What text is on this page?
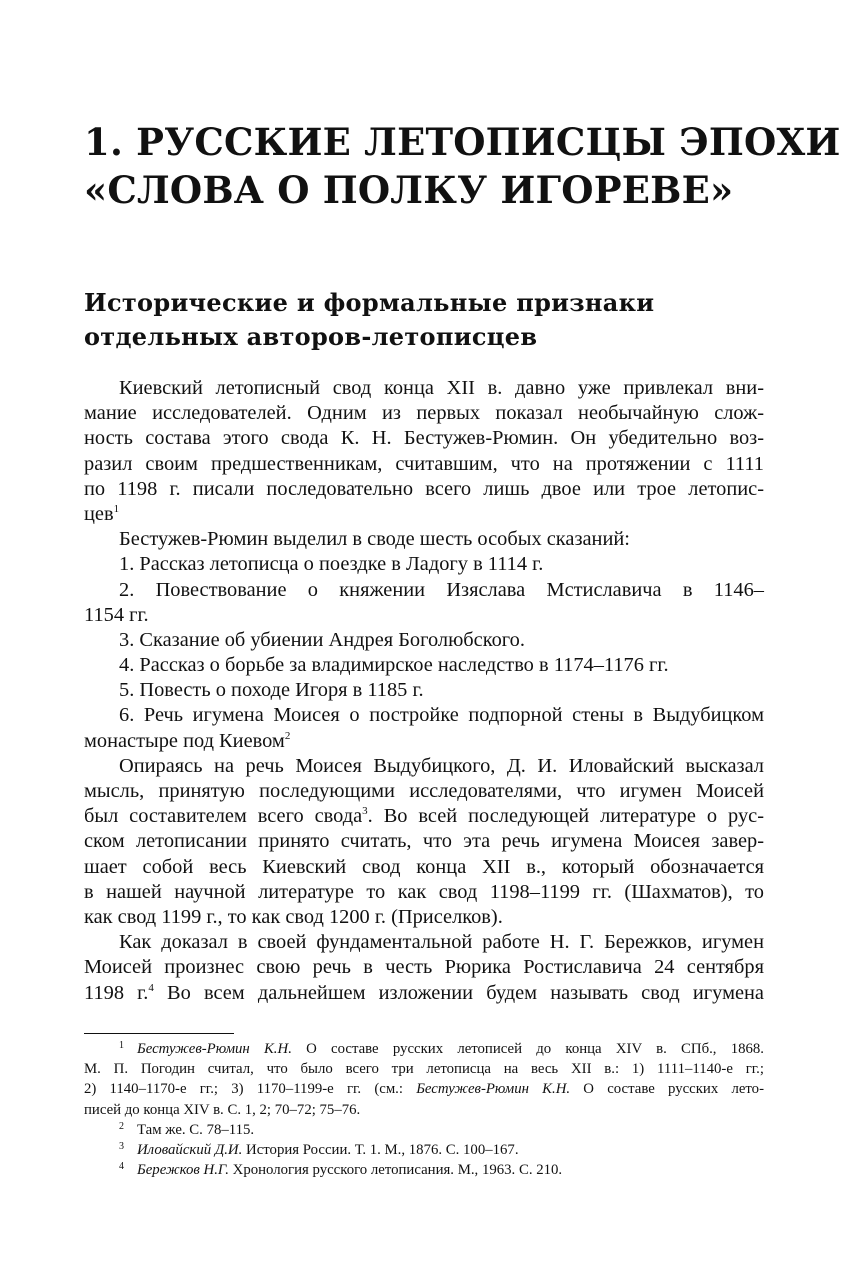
1. РУССКИЕ ЛЕТОПИСЦЫ ЭПОХИ
«СЛОВА О ПОЛКУ ИГОРЕВЕ»
Исторические и формальные признаки
отдельных авторов-летописцев
Киевский летописный свод конца XII в. давно уже привлекал вни-
мание исследователей. Одним из первых показал необычайную слож-
ность состава этого свода К. Н. Бестужев-Рюмин. Он убедительно воз-
разил своим предшественникам, считавшим, что на протяжении с 1111
по 1198 г. писали последовательно всего лишь двое или трое летопис-
цев$^1$
Бестужев-Рюмин выделил в своде шесть особых сказаний:
1. Рассказ летописца о поездке в Ладогу в 1114 г.
2. Повествование о княжении Изяслава Мстиславича в 1146–
1154 гг.
3. Сказание об убиении Андрея Боголюбского.
4. Рассказ о борьбе за владимирское наследство в 1174–1176 гг.
5. Повесть о походе Игоря в 1185 г.
6. Речь игумена Моисея о постройке подпорной стены в Выдубицком
монастыре под Киевом$^2$
Опираясь на речь Моисея Выдубицкого, Д. И. Иловайский высказал
мысль, принятую последующими исследователями, что игумен Моисей
был составителем всего свода$^3$. Во всей последующей литературе о рус-
ском летописании принято считать, что эта речь игумена Моисея завер-
шает собой весь Киевский свод конца XII в., который обозначается
в нашей научной литературе то как свод 1198–1199 гг. (Шахматов), то
как свод 1199 г., то как свод 1200 г. (Приселков).
Как доказал в своей фундаментальной работе Н. Г. Бережков, игумен
Моисей произнес свою речь в честь Рюрика Ростиславича 24 сентября
1198 г.$^4$ Во всем дальнейшем изложении будем называть свод игумена
1 Бестужев-Рюмин К.Н. О составе русских летописей до конца XIV в. СПб., 1868.
М. П. Погодин считал, что было всего три летописца на весь XII в.: 1) 1111–1140-е гг.;
2) 1140–1170-е гг.; 3) 1170–1199-е гг. (см.: Бестужев-Рюмин К.Н. О составе русских лето-
писей до конца XIV в. С. 1, 2; 70–72; 75–76.
2 Там же. С. 78–115.
3 Иловайский Д.И. История России. Т. 1. М., 1876. С. 100–167.
4 Бережков Н.Г. Хронология русского летописания. М., 1963. С. 210.
